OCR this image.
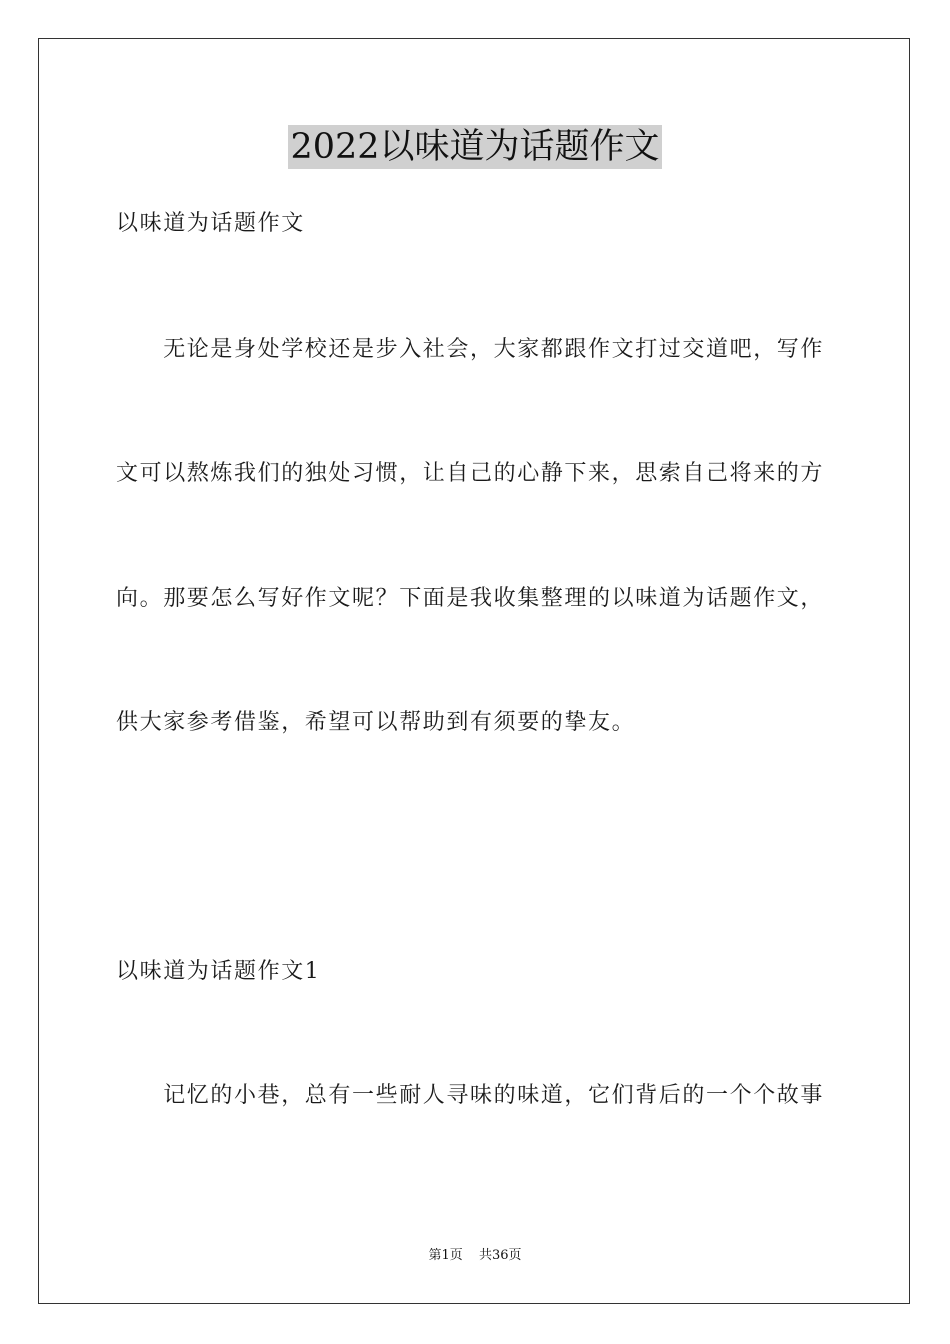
2022以味道为话题作文
以味道为话题作文
　　无论是身处学校还是步入社会，大家都跟作文打过交道吧，写作
文可以熬炼我们的独处习惯，让自己的心静下来，思索自己将来的方
向。那要怎么写好作文呢？下面是我收集整理的以味道为话题作文，
供大家参考借鉴，希望可以帮助到有须要的挚友。
以味道为话题作文1
　　记忆的小巷，总有一些耐人寻味的味道，它们背后的一个个故事
第1页 共36页
